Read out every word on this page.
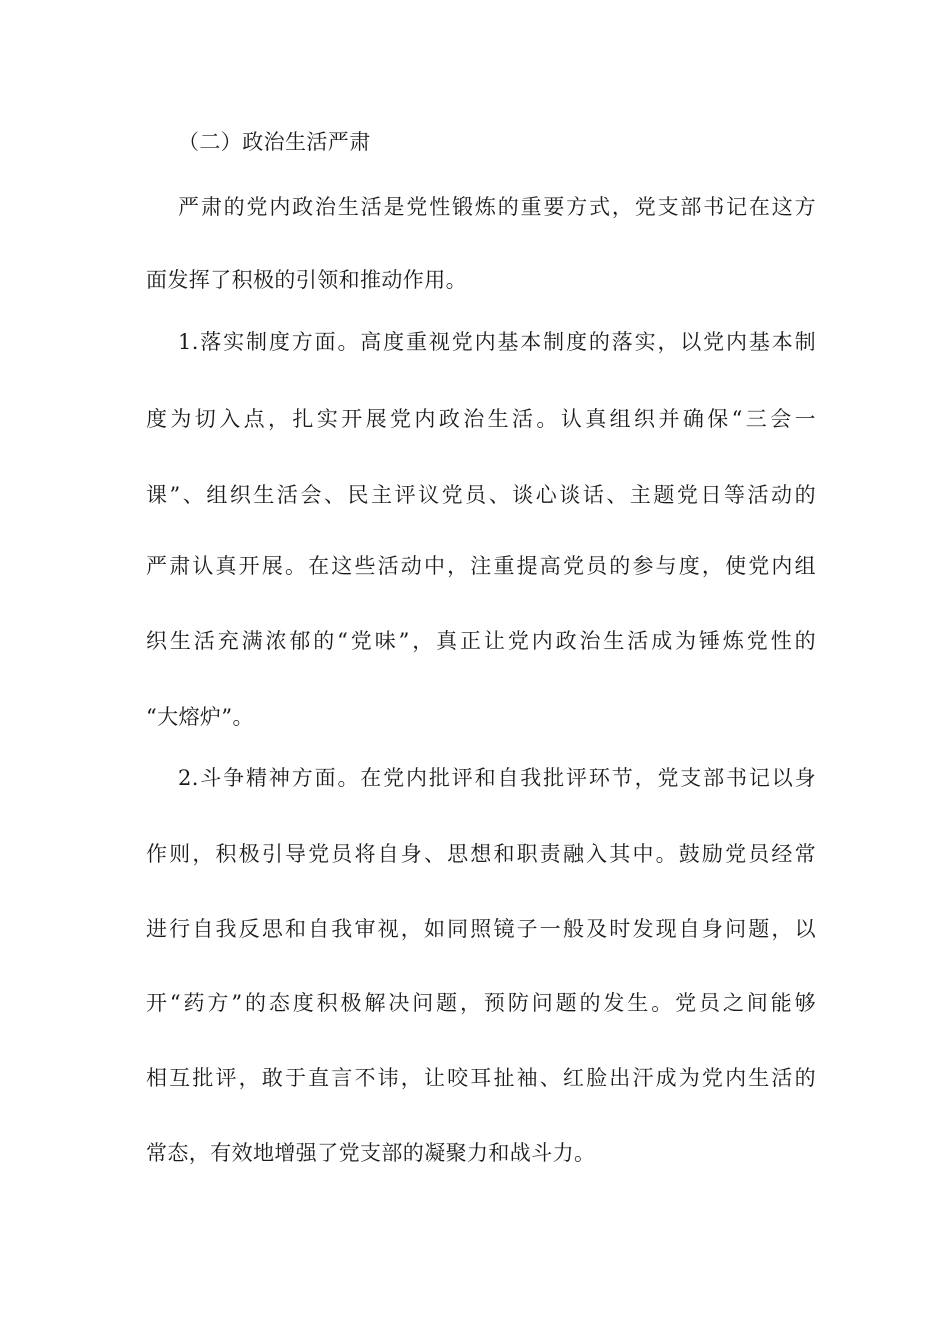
（二）政治生活严肃
严肃的党内政治生活是党性锻炼的重要方式，党支部书记在这方
面发挥了积极的引领和推动作用。
1.落实制度方面。高度重视党内基本制度的落实，以党内基本制
度为切入点，扎实开展党内政治生活。认真组织并确保“三会一
课”、组织生活会、民主评议党员、谈心谈话、主题党日等活动的
严肃认真开展。在这些活动中，注重提高党员的参与度，使党内组
织生活充满浓郁的“党味”，真正让党内政治生活成为锤炼党性的
“大熔炉”。
2.斗争精神方面。在党内批评和自我批评环节，党支部书记以身
作则，积极引导党员将自身、思想和职责融入其中。鼓励党员经常
进行自我反思和自我审视，如同照镜子一般及时发现自身问题，以
开“药方”的态度积极解决问题，预防问题的发生。党员之间能够
相互批评，敢于直言不讳，让咬耳扯袖、红脸出汗成为党内生活的
常态，有效地增强了党支部的凝聚力和战斗力。
